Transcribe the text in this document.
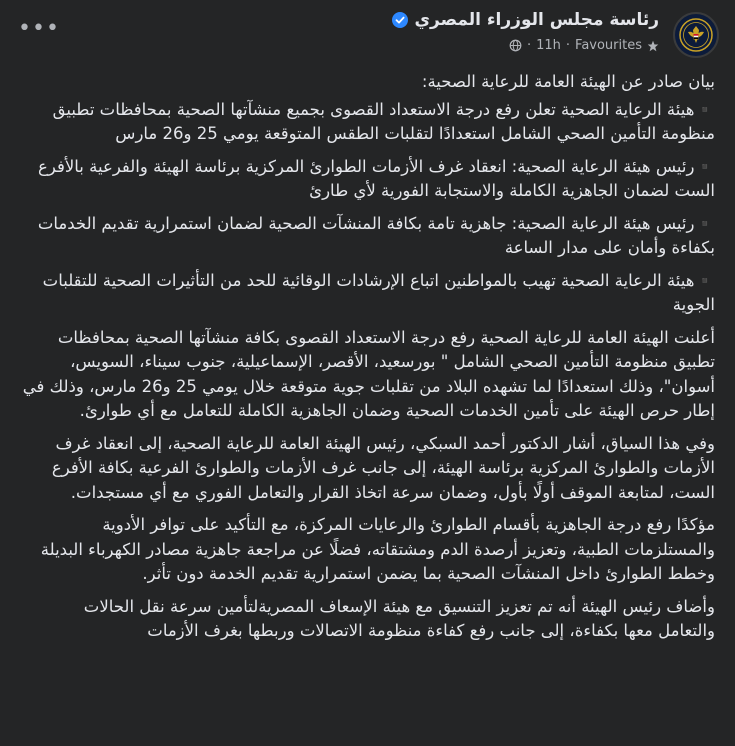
رئاسة مجلس الوزراء المصري
· 11h · Favourites
•••

بيان صادر عن الهيئة العامة للرعاية الصحية:

▪️هيئة الرعاية الصحية تعلن رفع درجة الاستعداد القصوى بجميع منشآتها الصحية بمحافظات تطبيق منظومة التأمين الصحي الشامل استعدادًا لتقلبات الطقس المتوقعة يومي 25 و26 مارس

▪️رئيس هيئة الرعاية الصحية: انعقاد غرف الأزمات الطوارئ المركزية برئاسة الهيئة والفرعية بالأفرع الست لضمان الجاهزية الكاملة والاستجابة الفورية لأي طارئ

▪️رئيس هيئة الرعاية الصحية: جاهزية تامة بكافة المنشآت الصحية لضمان استمرارية تقديم الخدمات بكفاءة وأمان على مدار الساعة

▪️هيئة الرعاية الصحية تهيب بالمواطنين اتباع الإرشادات الوقائية للحد من التأثيرات الصحية للتقلبات الجوية

أعلنت الهيئة العامة للرعاية الصحية رفع درجة الاستعداد القصوى بكافة منشآتها الصحية بمحافظات تطبيق منظومة التأمين الصحي الشامل " بورسعيد، الأقصر، الإسماعيلية، جنوب سيناء، السويس، أسوان"، وذلك استعدادًا لما تشهده البلاد من تقلبات جوية متوقعة خلال يومي 25 و26 مارس، وذلك في إطار حرص الهيئة على تأمين الخدمات الصحية وضمان الجاهزية الكاملة للتعامل مع أي طوارئ.

وفي هذا السياق، أشار الدكتور أحمد السبكي، رئيس الهيئة العامة للرعاية الصحية، إلى انعقاد غرف الأزمات والطوارئ المركزية برئاسة الهيئة، إلى جانب غرف الأزمات والطوارئ الفرعية بكافة الأفرع الست، لمتابعة الموقف أولًا بأول، وضمان سرعة اتخاذ القرار والتعامل الفوري مع أي مستجدات.

مؤكدًا رفع درجة الجاهزية بأقسام الطوارئ والرعايات المركزة، مع التأكيد على توافر الأدوية والمستلزمات الطبية، وتعزيز أرصدة الدم ومشتقاته، فضلًا عن مراجعة جاهزية مصادر الكهرباء البديلة وخطط الطوارئ داخل المنشآت الصحية بما يضمن استمرارية تقديم الخدمة دون تأثر.

وأضاف رئيس الهيئة أنه تم تعزيز التنسيق مع هيئة الإسعاف المصريةلتأمين سرعة نقل الحالات والتعامل معها بكفاءة، إلى جانب رفع كفاءة منظومة الاتصالات وربطها بغرف الأزمات
